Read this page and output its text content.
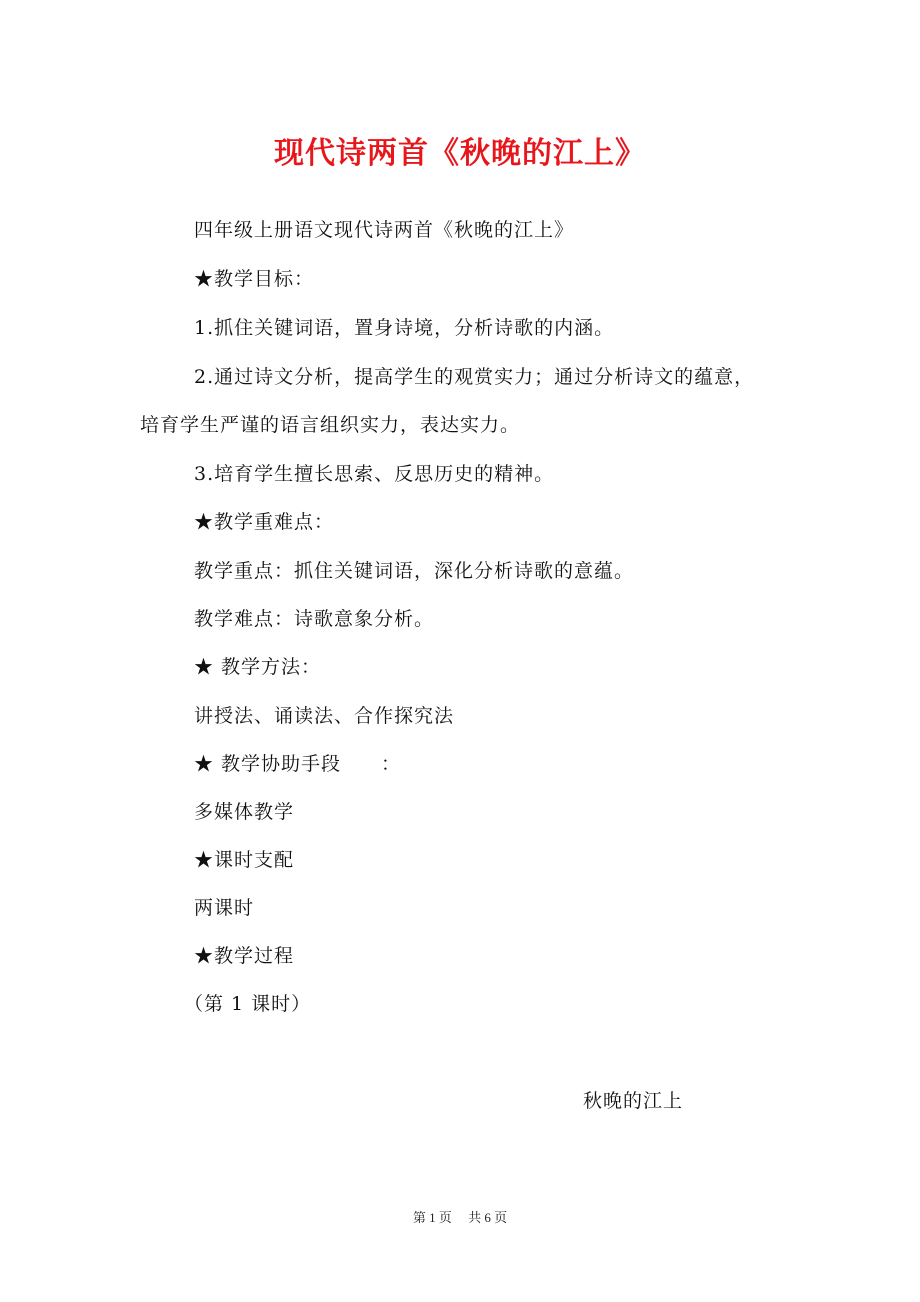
现代诗两首《秋晚的江上》
四年级上册语文现代诗两首《秋晚的江上》
★教学目标：
1.抓住关键词语，置身诗境，分析诗歌的内涵。
2.通过诗文分析，提高学生的观赏实力；通过分析诗文的蕴意，
培育学生严谨的语言组织实力，表达实力。
3.培育学生擅长思索、反思历史的精神。
★教学重难点：
教学重点：抓住关键词语，深化分析诗歌的意蕴。
教学难点：诗歌意象分析。
★ 教学方法：
讲授法、诵读法、合作探究法
★ 教学协助手段　　：
多媒体教学
★课时支配
两课时
★教学过程
（第 1 课时）
秋晚的江上
第 1 页　 共 6 页
